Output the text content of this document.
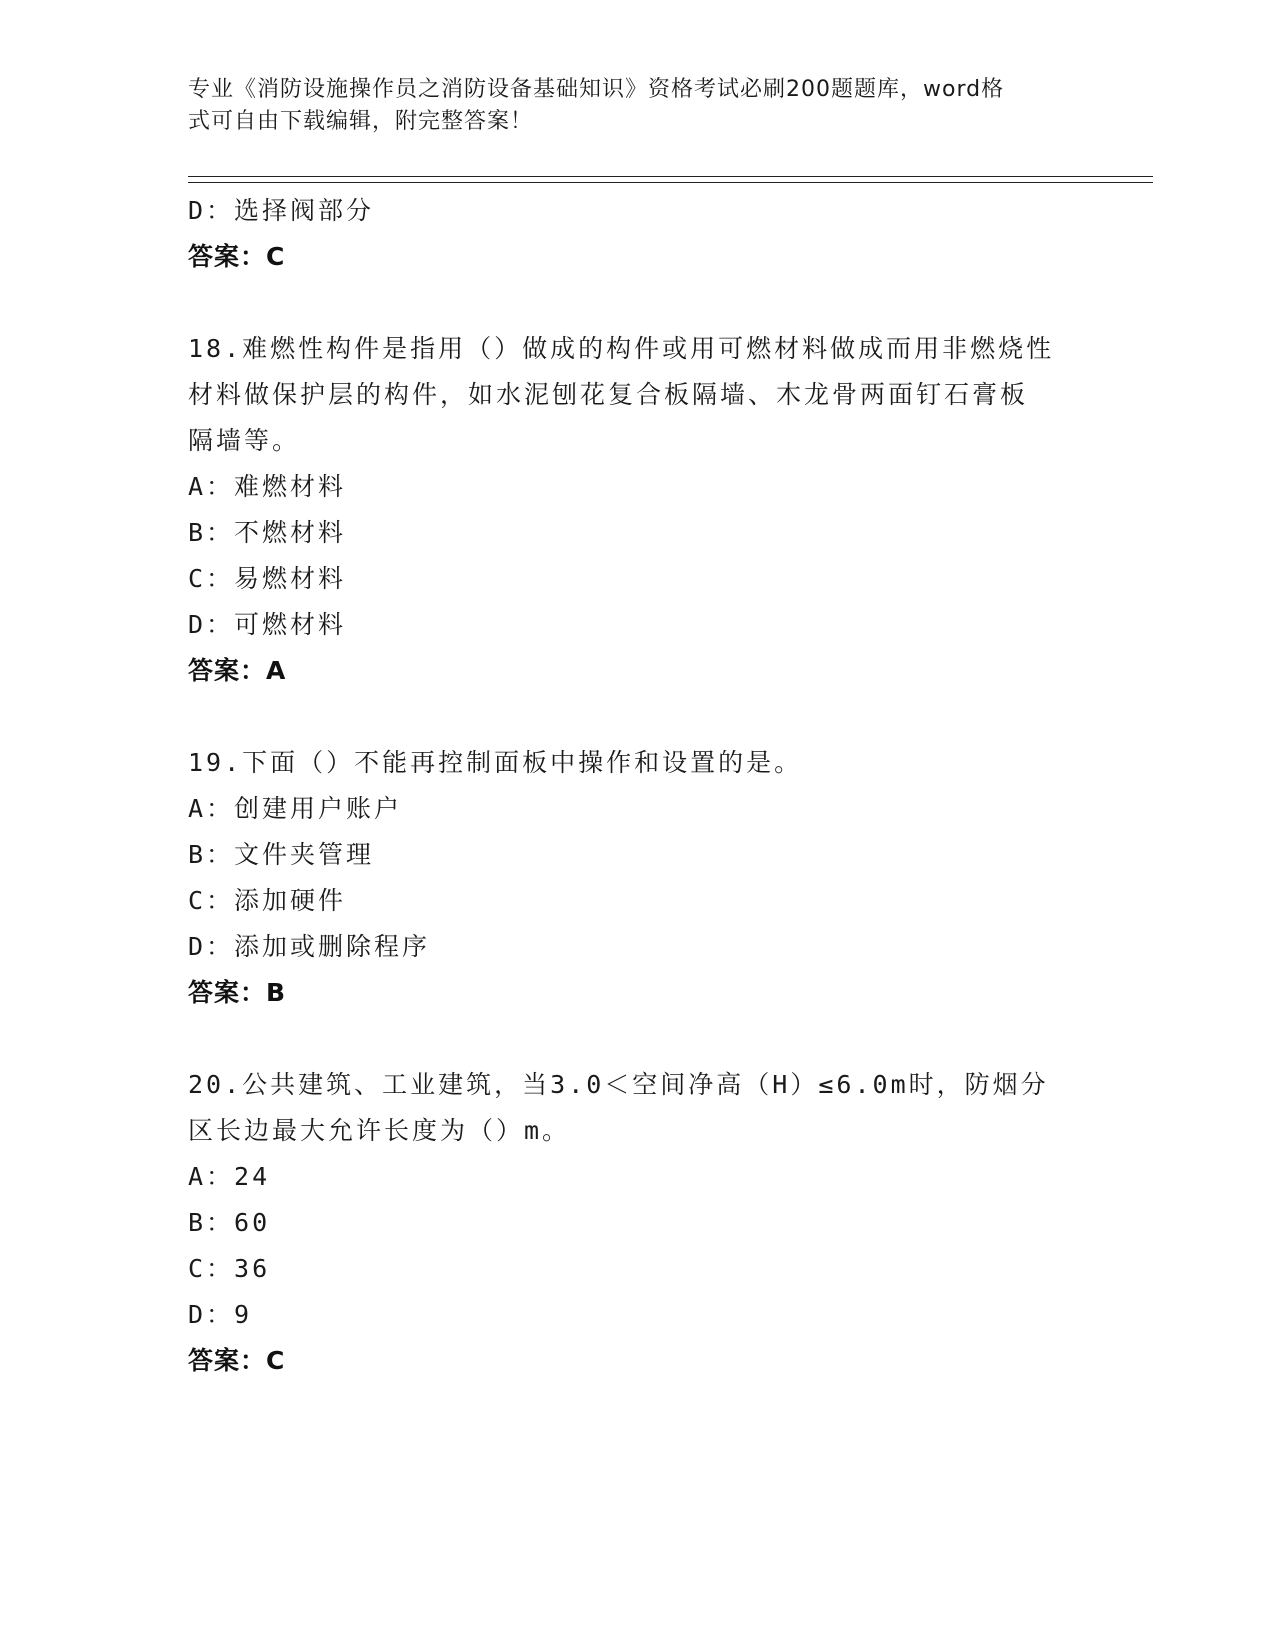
专业《消防设施操作员之消防设备基础知识》资格考试必刷200题题库，word格
式可自由下载编辑，附完整答案！
D：选择阀部分
答案：C
18.难燃性构件是指用（）做成的构件或用可燃材料做成而用非燃烧性
材料做保护层的构件，如水泥刨花复合板隔墙、木龙骨两面钉石膏板
隔墙等。
A：难燃材料
B：不燃材料
C：易燃材料
D：可燃材料
答案：A
19.下面（）不能再控制面板中操作和设置的是。
A：创建用户账户
B：文件夹管理
C：添加硬件
D：添加或删除程序
答案：B
20.公共建筑、工业建筑，当3.0＜空间净高（H）≤6.0m时，防烟分
区长边最大允许长度为（）m。
A：24
B：60
C：36
D：9
答案：C
